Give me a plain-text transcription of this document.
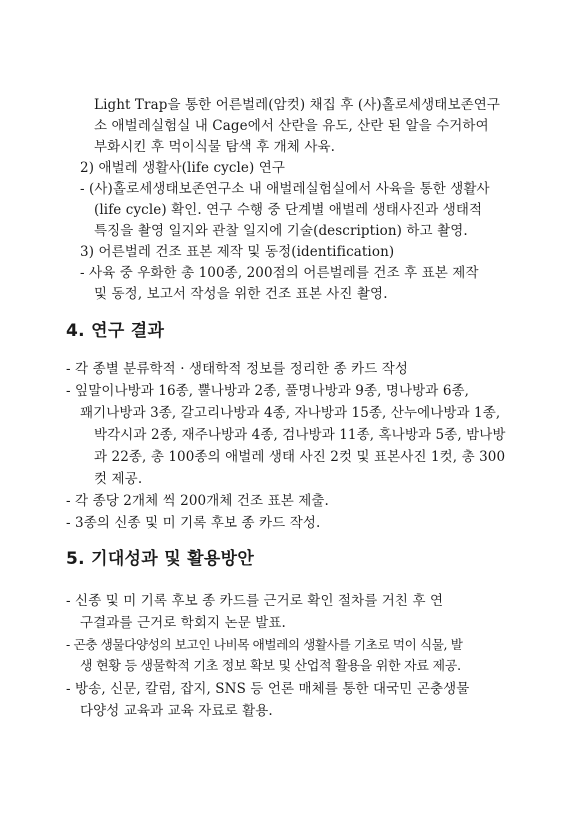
Light Trap을 통한 어른벌레(암컷) 채집 후 (사)홀로세생태보존연구
소 애벌레실험실 내 Cage에서 산란을 유도, 산란 된 알을 수거하여
부화시킨 후 먹이식물 탐색 후 개체 사육.
2) 애벌레 생활사(life cycle) 연구
- (사)홀로세생태보존연구소 내 애벌레실험실에서 사육을 통한 생활사
(life cycle) 확인. 연구 수행 중 단계별 애벌레 생태사진과 생태적
특징을 촬영 일지와 관찰 일지에 기술(description) 하고 촬영.
3) 어른벌레 건조 표본 제작 및 동정(identification)
- 사육 중 우화한 총 100종, 200점의 어른벌레를 건조 후 표본 제작
및 동정, 보고서 작성을 위한 건조 표본 사진 촬영.
4. 연구 결과
- 각 종별 분류학적 · 생태학적 정보를 정리한 종 카드 작성
- 잎말이나방과 16종, 뿔나방과 2종, 풀명나방과 9종, 명나방과 6종,
꽤기나방과 3종, 갈고리나방과 4종, 자나방과 15종, 산누에나방과 1종,
박각시과 2종, 재주나방과 4종, 검나방과 11종, 혹나방과 5종, 밤나방
과 22종, 총 100종의 애벌레 생태 사진 2컷 및 표본사진 1컷, 총 300
컷 제공.
- 각 종당 2개체 씩 200개체 건조 표본 제출.
- 3종의 신종 및 미 기록 후보 종 카드 작성.
5. 기대성과 및 활용방안
- 신종 및 미 기록 후보 종 카드를 근거로 확인 절차를 거친 후 연
구결과를 근거로 학회지 논문 발표.
- 곤충 생물다양성의 보고인 나비목 애벌레의 생활사를 기초로 먹이 식물, 발
생 현황 등 생물학적 기초 정보 확보 및 산업적 활용을 위한 자료 제공.
- 방송, 신문, 칼럼, 잡지, SNS 등 언론 매체를 통한 대국민 곤충생물
다양성 교육과 교육 자료로 활용.
